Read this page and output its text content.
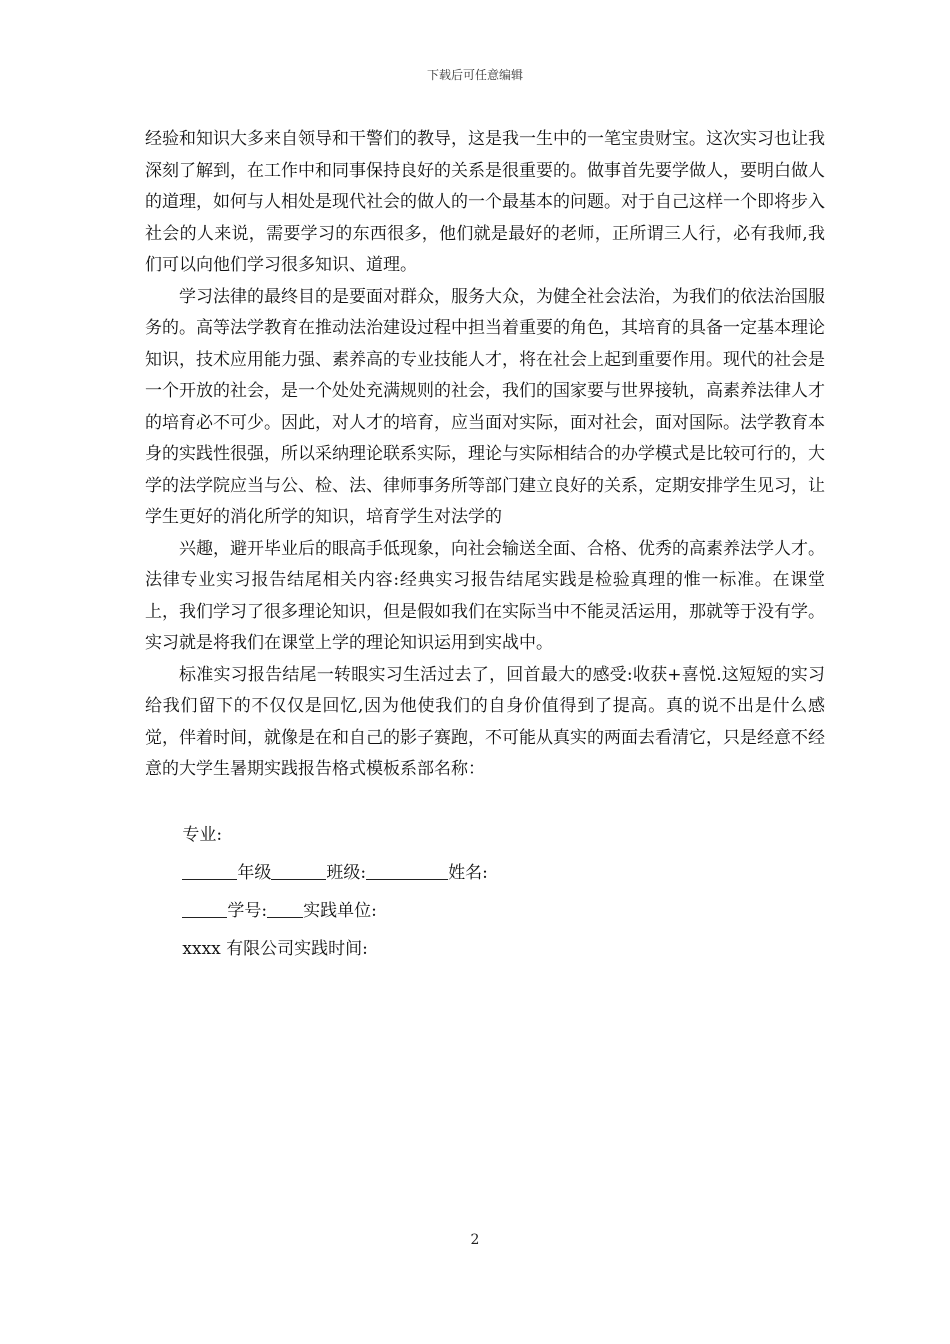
下载后可任意编辑

经验和知识大多来自领导和干警们的教导，这是我一生中的一笔宝贵财宝。这次实习也让我深刻了解到，在工作中和同事保持良好的关系是很重要的。做事首先要学做人，要明白做人的道理，如何与人相处是现代社会的做人的一个最基本的问题。对于自己这样一个即将步入社会的人来说，需要学习的东西很多，他们就是最好的老师，正所谓三人行，必有我师,我们可以向他们学习很多知识、道理。

学习法律的最终目的是要面对群众，服务大众，为健全社会法治，为我们的依法治国服务的。高等法学教育在推动法治建设过程中担当着重要的角色，其培育的具备一定基本理论知识，技术应用能力强、素养高的专业技能人才，将在社会上起到重要作用。现代的社会是一个开放的社会，是一个处处充满规则的社会，我们的国家要与世界接轨，高素养法律人才的培育必不可少。因此，对人才的培育，应当面对实际，面对社会，面对国际。法学教育本身的实践性很强，所以采纳理论联系实际，理论与实际相结合的办学模式是比较可行的，大学的法学院应当与公、检、法、律师事务所等部门建立良好的关系，定期安排学生见习，让学生更好的消化所学的知识，培育学生对法学的

兴趣，避开毕业后的眼高手低现象，向社会输送全面、合格、优秀的高素养法学人才。法律专业实习报告结尾相关内容:经典实习报告结尾实践是检验真理的惟一标准。在课堂上，我们学习了很多理论知识，但是假如我们在实际当中不能灵活运用，那就等于没有学。实习就是将我们在课堂上学的理论知识运用到实战中。

标准实习报告结尾一转眼实习生活过去了，回首最大的感受:收获+喜悦.这短短的实习给我们留下的不仅仅是回忆,因为他使我们的自身价值得到了提高。真的说不出是什么感觉，伴着时间，就像是在和自己的影子赛跑，不可能从真实的两面去看清它，只是经意不经意的大学生暑期实践报告格式模板系部名称：

专业:
年级	班级:	姓名:
学号: 实践单位:
xxxx 有限公司实践时间:
2
